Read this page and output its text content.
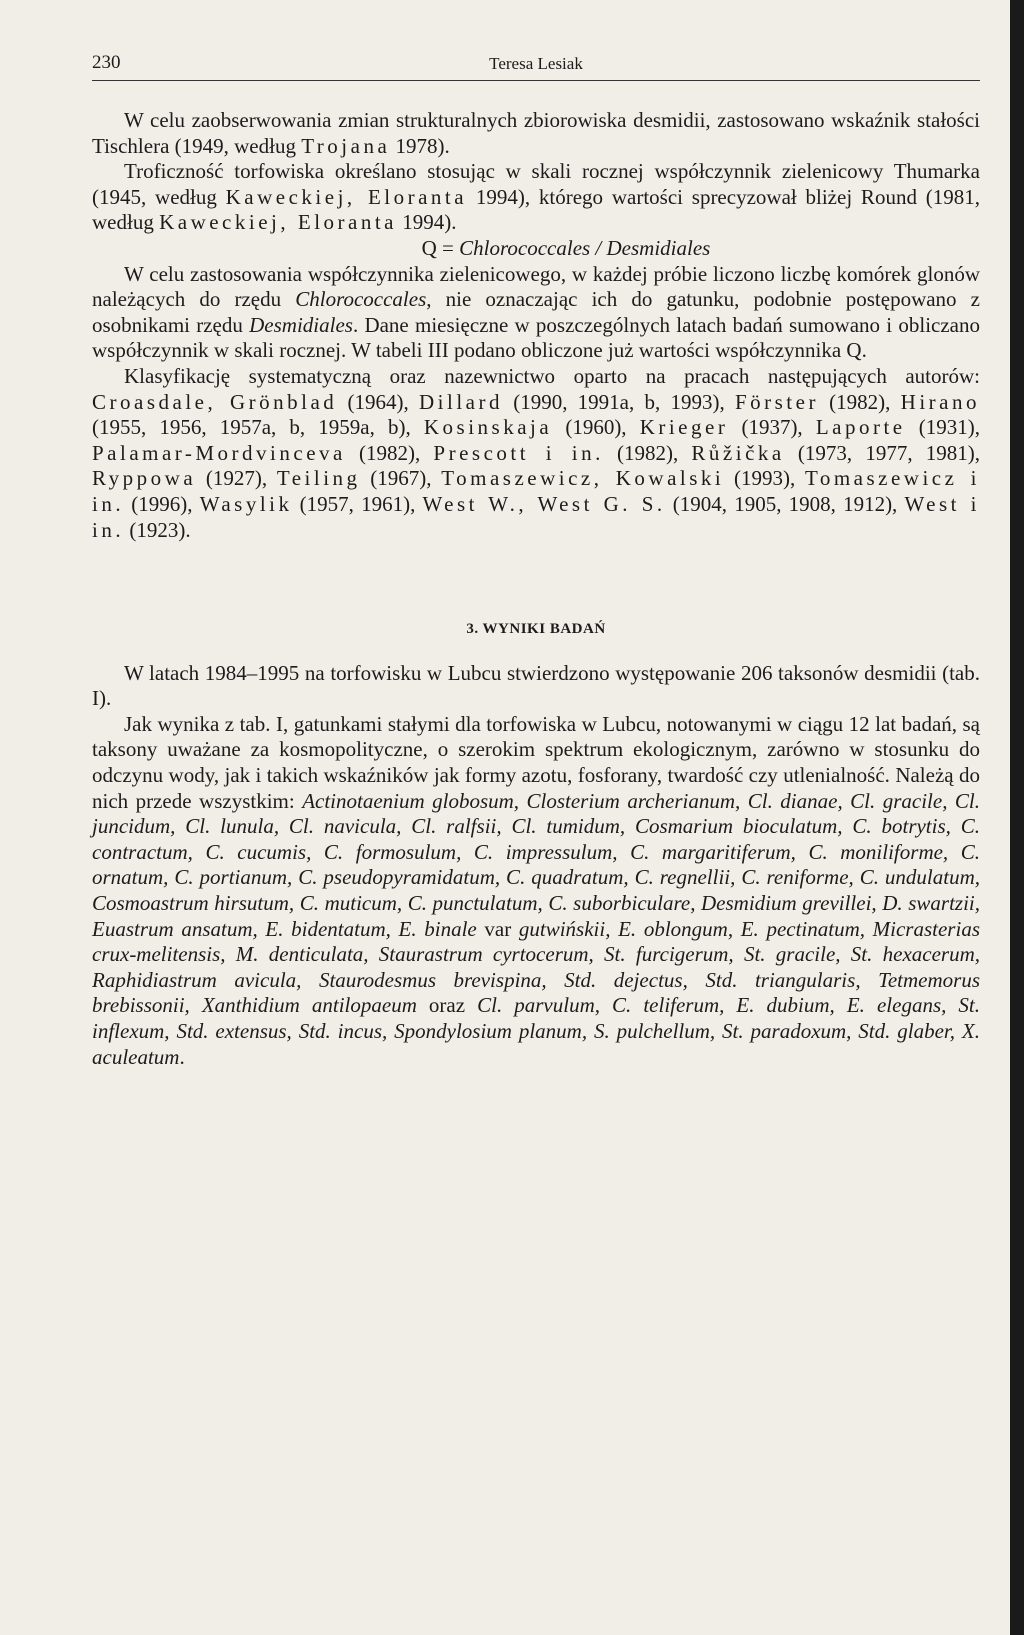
230	Teresa Lesiak

W celu zaobserwowania zmian strukturalnych zbiorowiska desmidii, zastosowano wskaźnik stałości Tischlera (1949, według Trojana 1978).

Troficzność torfowiska określano stosując w skali rocznej współczynnik zielenicowy Thumarka (1945, według Kaweckiej, Eloranta 1994), którego wartości sprecyzował bliżej Round (1981, według Kaweckiej, Eloranta 1994).

Q = Chlorococcales / Desmidiales

W celu zastosowania współczynnika zielenicowego, w każdej próbie liczono liczbę komórek glonów należących do rzędu Chlorococcales, nie oznaczając ich do gatunku, podobnie postępowano z osobnikami rzędu Desmidiales. Dane miesięczne w poszczególnych latach badań sumowano i obliczano współczynnik w skali rocznej. W tabeli III podano obliczone już wartości współczynnika Q.

Klasyfikację systematyczną oraz nazewnictwo oparto na pracach następujących autorów: Croasdale, Grönblad (1964), Dillard (1990, 1991a, b, 1993), Förster (1982), Hirano (1955, 1956, 1957a, b, 1959a, b), Kosinskaja (1960), Krieger (1937), Laporte (1931), Palamar-Mordvinceva (1982), Prescott i in. (1982), Růžička (1973, 1977, 1981), Ryppowa (1927), Teiling (1967), Tomaszewicz, Kowalski (1993), Tomaszewicz i in. (1996), Wasylik (1957, 1961), West W., West G. S. (1904, 1905, 1908, 1912), West i in. (1923).

3. WYNIKI BADAŃ

W latach 1984–1995 na torfowisku w Lubcu stwierdzono występowanie 206 taksonów desmidii (tab. I).

Jak wynika z tab. I, gatunkami stałymi dla torfowiska w Lubcu, notowanymi w ciągu 12 lat badań, są taksony uważane za kosmopolityczne, o szerokim spektrum ekologicznym, zarówno w stosunku do odczynu wody, jak i takich wskaźników jak formy azotu, fosforany, twardość czy utlenialność. Należą do nich przede wszystkim: Actinotaenium globosum, Closterium archerianum, Cl. dianae, Cl. gracile, Cl. juncidum, Cl. lunula, Cl. navicula, Cl. ralfsii, Cl. tumidum, Cosmarium bioculatum, C. botrytis, C. contractum, C. cucumis, C. formosulum, C. impressulum, C. margaritiferum, C. moniliforme, C. ornatum, C. portianum, C. pseudopyramidatum, C. quadratum, C. regnellii, C. reniforme, C. undulatum, Cosmoastrum hirsutum, C. muticum, C. punctulatum, C. suborbiculare, Desmidium grevillei, D. swartzii, Euastrum ansatum, E. bidentatum, E. binale var gutwińskii, E. oblongum, E. pectinatum, Micrasterias crux-melitensis, M. denticulata, Staurastrum cyrtocerum, St. furcigerum, St. gracile, St. hexacerum, Raphidiastrum avicula, Staurodesmus brevispina, Std. dejectus, Std. triangularis, Tetmemorus brebissonii, Xanthidium antilopaeum oraz Cl. parvulum, C. teliferum, E. dubium, E. elegans, St. inflexum, Std. extensus, Std. incus, Spondylosium planum, S. pulchellum, St. paradoxum, Std. glaber, X. aculeatum.
